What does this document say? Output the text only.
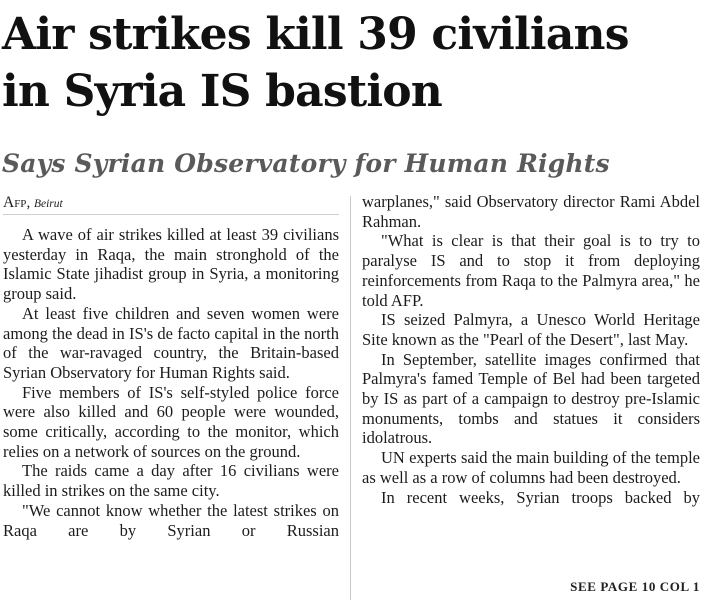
Air strikes kill 39 civilians
in Syria IS bastion
Says Syrian Observatory for Human Rights
Afp, Beirut

A wave of air strikes killed at least 39 civilians yesterday in Raqa, the main stronghold of the Islamic State jihadist group in Syria, a monitoring group said.

At least five children and seven women were among the dead in IS's de facto capital in the north of the war-ravaged country, the Britain-based Syrian Observatory for Human Rights said.

Five members of IS's self-styled police force were also killed and 60 people were wounded, some critically, according to the monitor, which relies on a network of sources on the ground.

The raids came a day after 16 civilians were killed in strikes on the same city.

"We cannot know whether the latest strikes on Raqa are by Syrian or Russian

warplanes," said Observatory director Rami Abdel Rahman.

"What is clear is that their goal is to try to paralyse IS and to stop it from deploying reinforcements from Raqa to the Palmyra area," he told AFP.

IS seized Palmyra, a Unesco World Heritage Site known as the "Pearl of the Desert", last May.

In September, satellite images confirmed that Palmyra's famed Temple of Bel had been targeted by IS as part of a campaign to destroy pre-Islamic monuments, tombs and statues it considers idolatrous.

UN experts said the main building of the temple as well as a row of columns had been destroyed.

In recent weeks, Syrian troops backed by

SEE PAGE 10 COL 1
